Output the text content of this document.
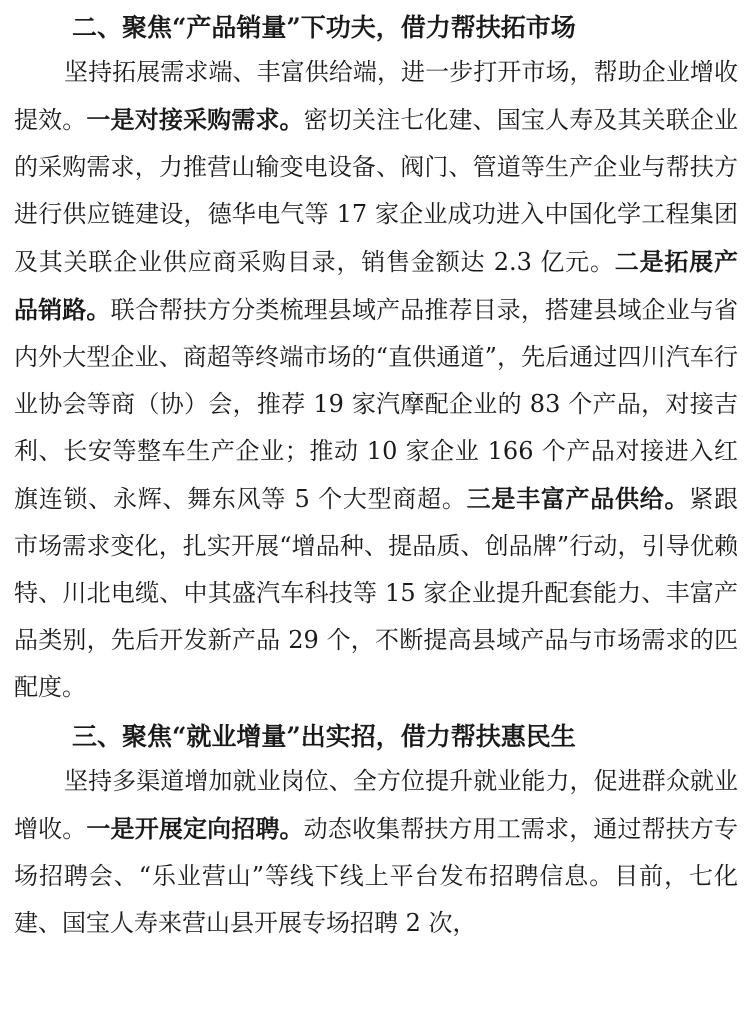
二、聚焦“产品销量”下功夫，借力帮扶拓市场

坚持拓展需求端、丰富供给端，进一步打开市场，帮助企业增收提效。一是对接采购需求。密切关注七化建、国宝人寿及其关联企业的采购需求，力推营山输变电设备、阀门、管道等生产企业与帮扶方进行供应链建设，德华电气等 17 家企业成功进入中国化学工程集团及其关联企业供应商采购目录，销售金额达 2.3 亿元。二是拓展产品销路。联合帮扶方分类梳理县域产品推荐目录，搭建县域企业与省内外大型企业、商超等终端市场的“直供通道”，先后通过四川汽车行业协会等商（协）会，推荐 19 家汽摩配企业的 83 个产品，对接吉利、长安等整车生产企业；推动 10 家企业 166 个产品对接进入红旗连锁、永辉、舞东风等 5 个大型商超。三是丰富产品供给。紧跟市场需求变化，扎实开展“增品种、提品质、创品牌”行动，引导优赖特、川北电缆、中其盛汽车科技等 15 家企业提升配套能力、丰富产品类别，先后开发新产品 29 个，不断提高县域产品与市场需求的匹配度。

三、聚焦“就业增量”出实招，借力帮扶惠民生

坚持多渠道增加就业岗位、全方位提升就业能力，促进群众就业增收。一是开展定向招聘。动态收集帮扶方用工需求，通过帮扶方专场招聘会、“乐业营山”等线下线上平台发布招聘信息。目前，七化建、国宝人寿来营山县开展专场招聘 2 次，
